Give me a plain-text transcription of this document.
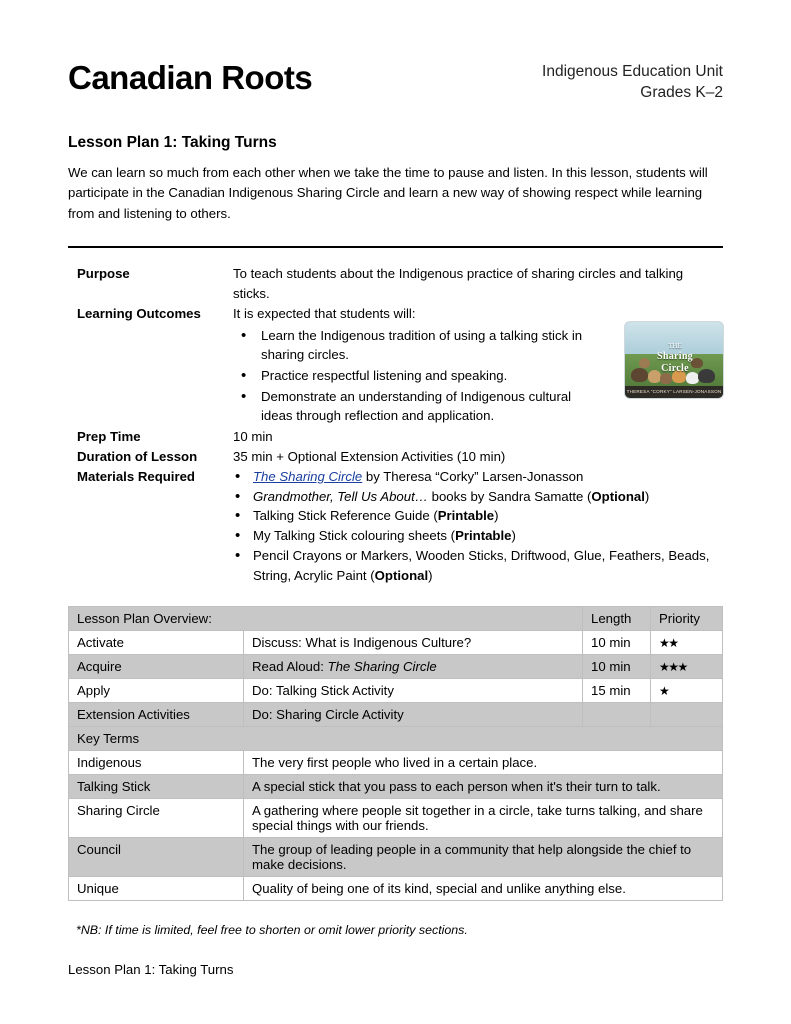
Canadian Roots	Indigenous Education Unit
Grades K–2
Lesson Plan 1: Taking Turns
We can learn so much from each other when we take the time to pause and listen. In this lesson, students will participate in the Canadian Indigenous Sharing Circle and learn a new way of showing respect while learning from and listening to others.
THE
Sharing
Circle
THERESA “CORKY” LARSEN-JONASSON
Purpose	To teach students about the Indigenous practice of sharing circles and talking sticks.
Learning Outcomes	It is expected that students will:
• Learn the Indigenous tradition of using a talking stick in sharing circles.
• Practice respectful listening and speaking.
• Demonstrate an understanding of Indigenous cultural ideas through reflection and application.
Prep Time	10 min
Duration of Lesson	35 min + Optional Extension Activities (10 min)
Materials Required	• The Sharing Circle by Theresa “Corky” Larsen-Jonasson
• Grandmother, Tell Us About… books by Sandra Samatte (Optional)
• Talking Stick Reference Guide (Printable)
• My Talking Stick colouring sheets (Printable)
• Pencil Crayons or Markers, Wooden Sticks, Driftwood, Glue, Feathers, Beads, String, Acrylic Paint (Optional)
Lesson Plan Overview:		Length	Priority
Activate	Discuss: What is Indigenous Culture?	10 min	★★
Acquire	Read Aloud: The Sharing Circle	10 min	★★★
Apply	Do: Talking Stick Activity	15 min	★
Extension Activities	Do: Sharing Circle Activity		
Key Terms			
Indigenous	The very first people who lived in a certain place.		
Talking Stick	A special stick that you pass to each person when it's their turn to talk.		
Sharing Circle	A gathering where people sit together in a circle, take turns talking, and share special things with our friends.		
Council	The group of leading people in a community that help alongside the chief to make decisions.		
Unique	Quality of being one of its kind, special and unlike anything else.		
*NB: If time is limited, feel free to shorten or omit lower priority sections.
Lesson Plan 1: Taking Turns
